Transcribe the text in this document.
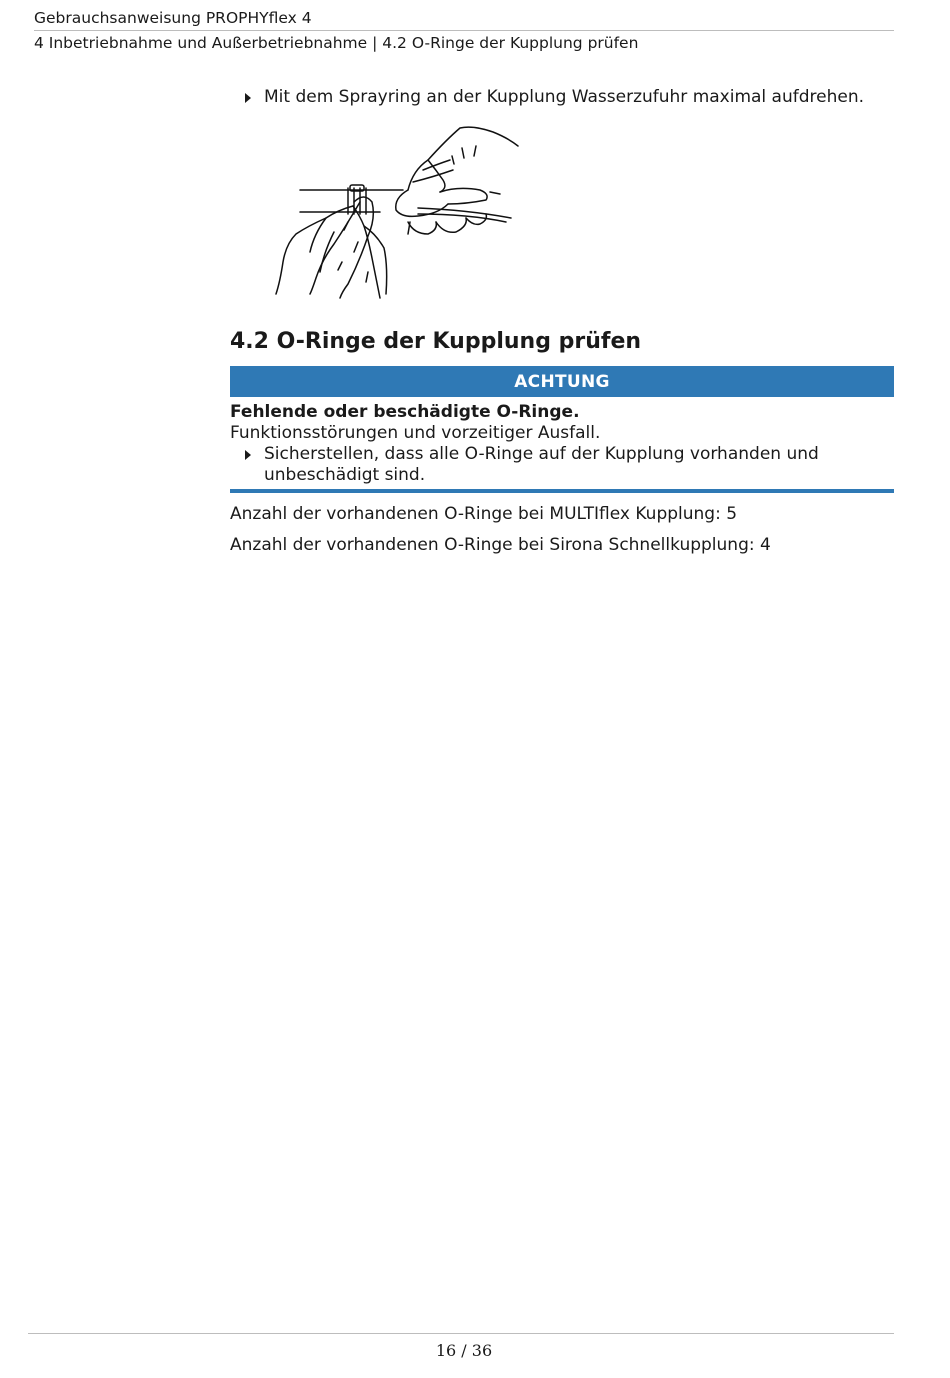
Gebrauchsanweisung PROPHYflex 4
4 Inbetriebnahme und Außerbetriebnahme | 4.2 O-Ringe der Kupplung prüfen
Mit dem Sprayring an der Kupplung Wasserzufuhr maximal aufdrehen.
4.2 O-Ringe der Kupplung prüfen
ACHTUNG
Fehlende oder beschädigte O-Ringe.
Funktionsstörungen und vorzeitiger Ausfall.
Sicherstellen, dass alle O-Ringe auf der Kupplung vorhanden und unbeschädigt sind.
Anzahl der vorhandenen O-Ringe bei MULTIflex Kupplung: 5
Anzahl der vorhandenen O-Ringe bei Sirona Schnellkupplung: 4
16 / 36
